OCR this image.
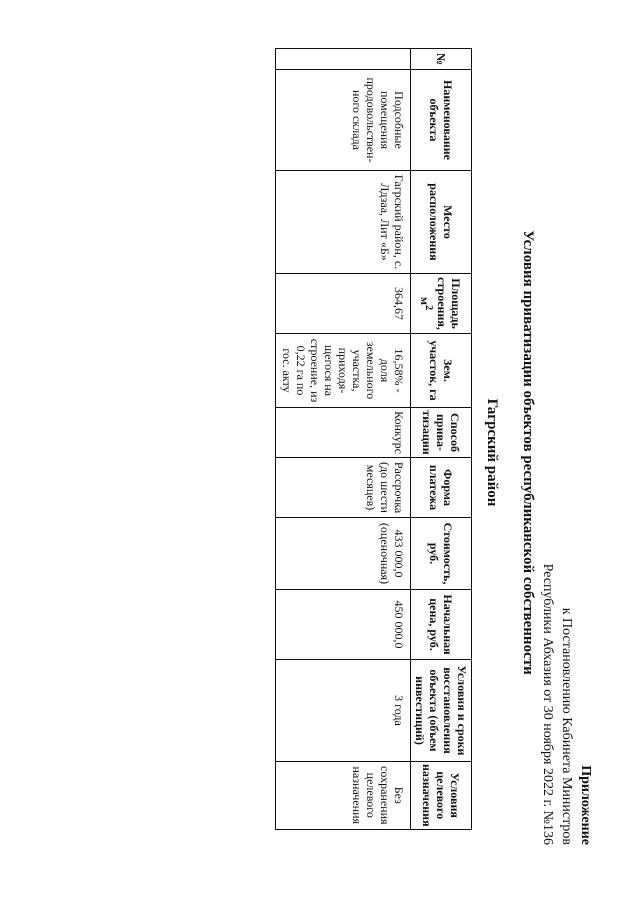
Приложение
к Постановлению Кабинета Министров
Республики Абхазия от 30 ноября 2022 г. №136
Условия приватизации объектов республиканской собственности
Гагрский район
№	Наименование объекта	Место расположения	Площадь строения, $м^2$	Зем. участок, га	Способ прива-тизации	Форма платежа	Стоимость, руб.	Начальная цена, руб.	Условия и сроки восстановления объекта (объем инвестиций)	Условия целевого назначения
	Подсобные помещения продовольствен-ного склада	Гагрский район, с. Лдзаа, Лит «Б»	364,67	16,58% - доля земельного участка, приходя-щегося на строение, из 0,22 га по гос. акту	Конкурс	Рассрочка (до шести месяцев)	433 000,0 (оценочная)	450 000,0	3 года	Без сохранения целевого назначения
